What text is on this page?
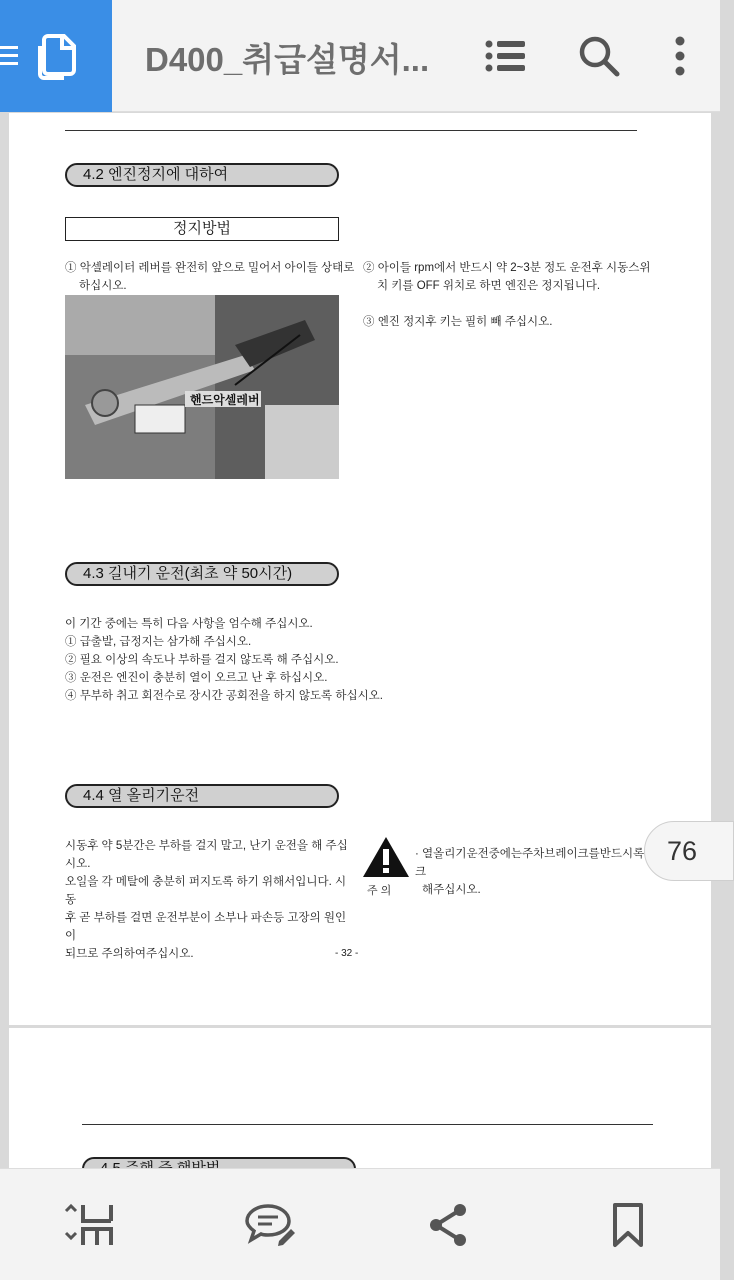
D400_취급설명서...
4.2 엔진정지에 대하여
정지방법
① 악셀레이터 레버를 완전히 앞으로 밀어서 아이들 상태로
하십시오.
핸드악셀레버
② 아이들 rpm에서 반드시 약 2~3분 정도 운전후 시동스위
치 키를 OFF 위치로 하면 엔진은 정지됩니다.
③ 엔진 정지후 키는 필히 빼 주십시오.
4.3 길내기 운전(최초 약 50시간)
이 기간 중에는 특히 다음 사항을 엄수해 주십시오.
① 급출발, 급정지는 삼가해 주십시오.
② 필요 이상의 속도나 부하를 걸지 않도록 해 주십시오.
③ 운전은 엔진이 충분히 열이 오르고 난 후 하십시오.
④ 무부하 취고 회전수로 장시간 공회전을 하지 않도록 하십시오.
4.4 열 올리기운전
시동후 약 5분간은 부하를 걸지 말고, 난기 운전을 해 주십시오.
오일을 각 메탈에 충분히 퍼지도록 하기 위해서입니다. 시동
후 곧 부하를 걸면 운전부분이 소부나 파손등 고장의 원인이
되므로 주의하여주십시오.
주 의
· 열올리기운전중에는주차브레이크를반드시록크
해주십시오.
- 32 -
76
